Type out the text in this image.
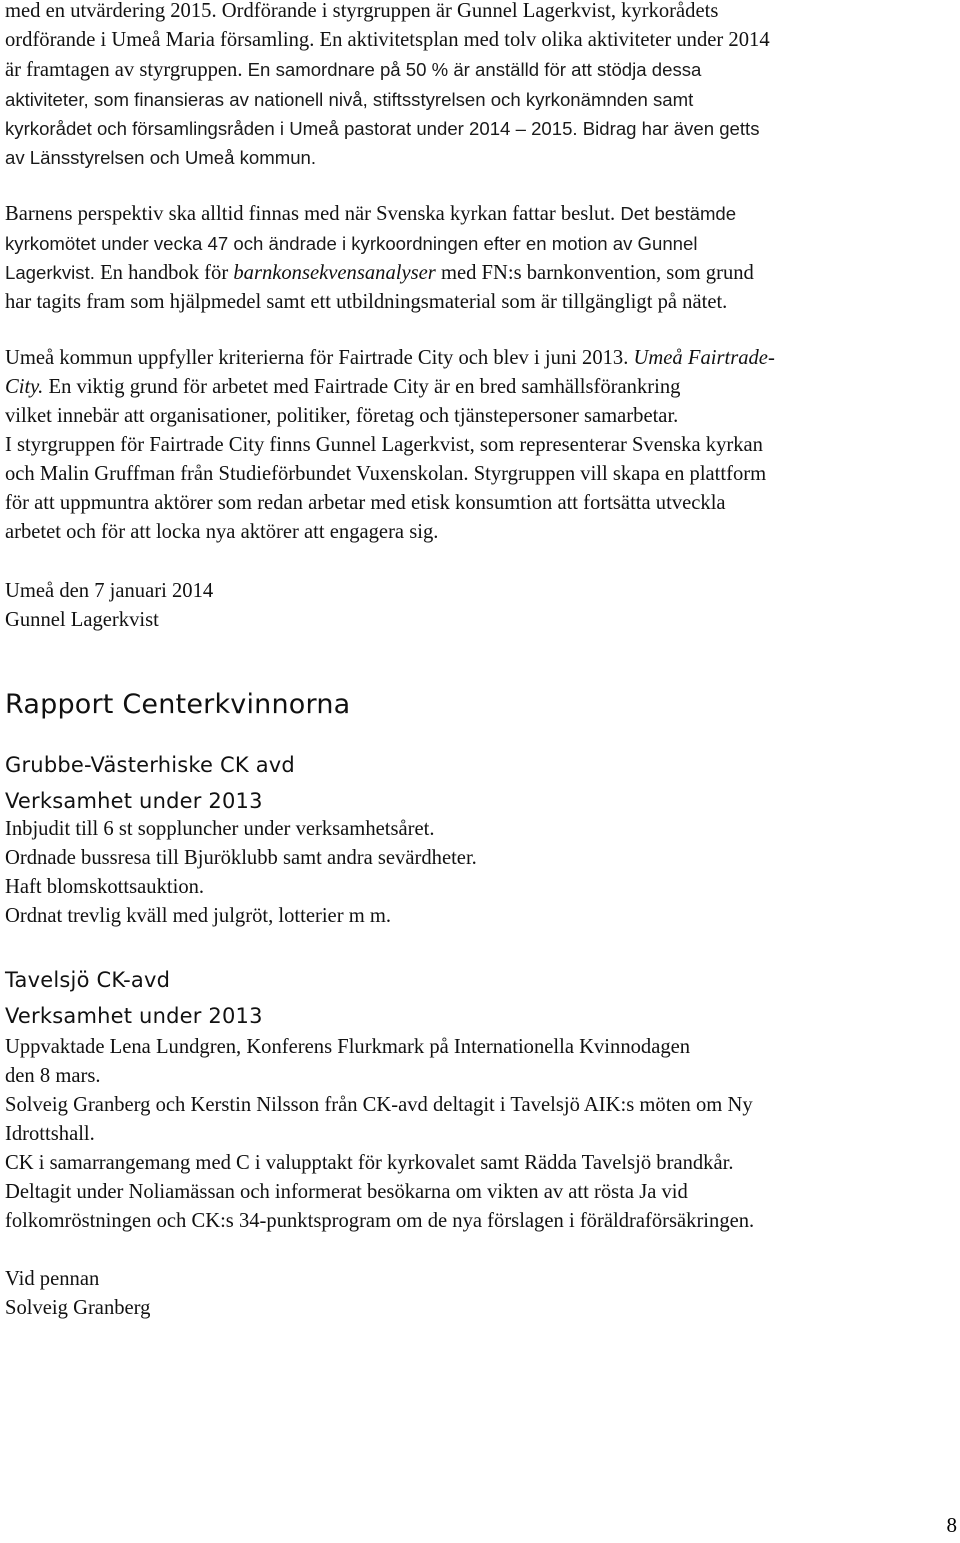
med en utvärdering 2015. Ordförande i styrgruppen är Gunnel Lagerkvist, kyrkorådets

ordförande i Umeå Maria församling. En aktivitetsplan med tolv olika aktiviteter under 2014

är framtagen av styrgruppen. En samordnare på 50 % är anställd för att stödja dessa

aktiviteter, som finansieras av nationell nivå, stiftsstyrelsen och kyrkonämnden samt

kyrkorådet och församlingsråden i Umeå pastorat under 2014 – 2015. Bidrag har även getts

av Länsstyrelsen och Umeå kommun.

Barnens perspektiv ska alltid finnas med när Svenska kyrkan fattar beslut. Det bestämde

kyrkomötet under vecka 47 och ändrade i kyrkoordningen efter en motion av Gunnel

Lagerkvist. En handbok för barnkonsekvensanalyser med FN:s barnkonvention, som grund

har tagits fram som hjälpmedel samt ett utbildningsmaterial som är tillgängligt på nätet.

Umeå kommun uppfyller kriterierna för Fairtrade City och blev i juni 2013. Umeå Fairtrade-

City. En viktig grund för arbetet med Fairtrade City är en bred samhällsförankring

vilket innebär att organisationer, politiker, företag och tjänstepersoner samarbetar.

I styrgruppen för Fairtrade City finns Gunnel Lagerkvist, som representerar Svenska kyrkan

och Malin Gruffman från Studieförbundet Vuxenskolan. Styrgruppen vill skapa en plattform

för att uppmuntra aktörer som redan arbetar med etisk konsumtion att fortsätta utveckla

arbetet och för att locka nya aktörer att engagera sig.

Umeå den 7 januari 2014

Gunnel Lagerkvist

Rapport Centerkvinnorna
Grubbe-Västerhiske CK avd
Verksamhet under 2013

Inbjudit till 6 st soppluncher under verksamhetsåret.

Ordnade bussresa till Bjuröklubb samt andra sevärdheter.

Haft blomskottsauktion.

Ordnat trevlig kväll med julgröt, lotterier m m.

Tavelsjö CK-avd
Verksamhet under 2013

Uppvaktade Lena Lundgren, Konferens Flurkmark på Internationella Kvinnodagen

den 8 mars.

Solveig Granberg och Kerstin Nilsson från CK-avd deltagit i Tavelsjö AIK:s möten om Ny

Idrottshall.

CK i samarrangemang med C i valupptakt för kyrkovalet samt Rädda Tavelsjö brandkår.

Deltagit under Noliamässan och informerat besökarna om vikten av att rösta Ja vid

folkomröstningen och CK:s 34-punktsprogram om de nya förslagen i föräldraförsäkringen.

Vid pennan

Solveig Granberg

8
